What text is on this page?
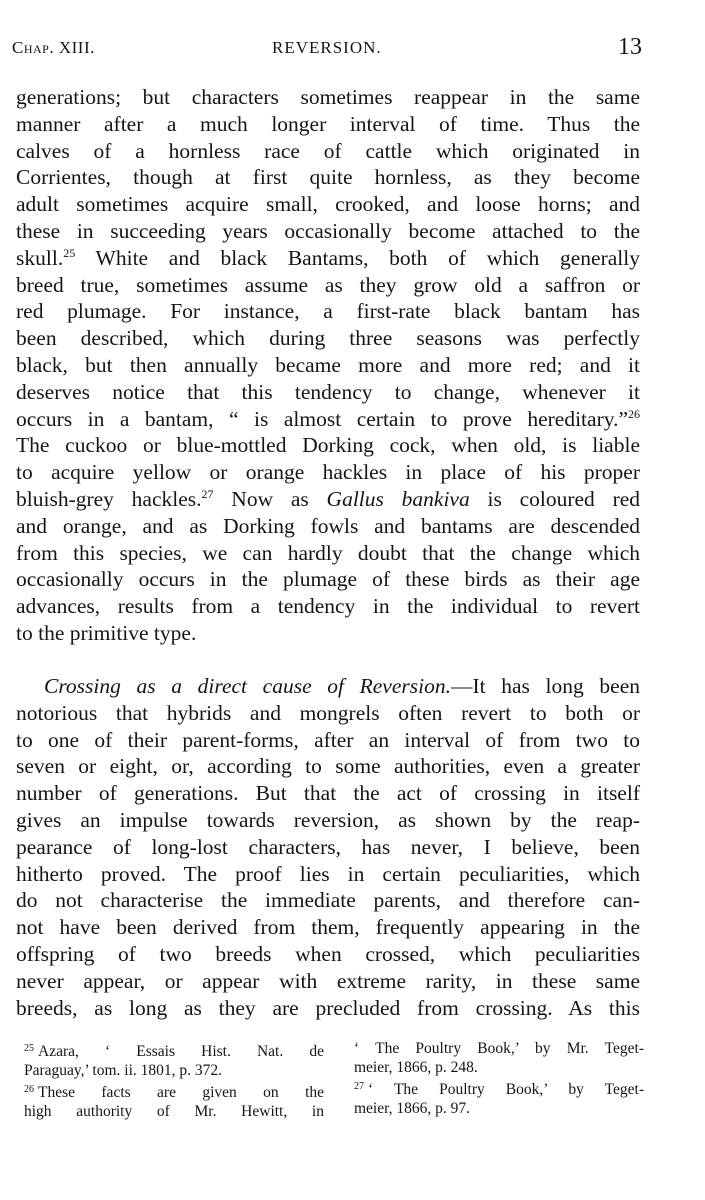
Chap. XIII.	REVERSION.	13
generations; but characters sometimes reappear in the same
manner after a much longer interval of time. Thus the
calves of a hornless race of cattle which originated in
Corrientes, though at first quite hornless, as they become
adult sometimes acquire small, crooked, and loose horns; and
these in succeeding years occasionally become attached to the
skull.$^{25}$ White and black Bantams, both of which generally
breed true, sometimes assume as they grow old a saffron or
red plumage. For instance, a first-rate black bantam has
been described, which during three seasons was perfectly
black, but then annually became more and more red; and it
deserves notice that this tendency to change, whenever it
occurs in a bantam, “ is almost certain to prove hereditary.”$^{26}$
The cuckoo or blue-mottled Dorking cock, when old, is liable
to acquire yellow or orange hackles in place of his proper
bluish-grey hackles.$^{27}$ Now as Gallus bankiva is coloured red
and orange, and as Dorking fowls and bantams are descended
from this species, we can hardly doubt that the change which
occasionally occurs in the plumage of these birds as their age
advances, results from a tendency in the individual to revert
to the primitive type.
Crossing as a direct cause of Reversion.—It has long been
notorious that hybrids and mongrels often revert to both or
to one of their parent-forms, after an interval of from two to
seven or eight, or, according to some authorities, even a greater
number of generations. But that the act of crossing in itself
gives an impulse towards reversion, as shown by the reap-
pearance of long-lost characters, has never, I believe, been
hitherto proved. The proof lies in certain peculiarities, which
do not characterise the immediate parents, and therefore can-
not have been derived from them, frequently appearing in the
offspring of two breeds when crossed, which peculiarities
never appear, or appear with extreme rarity, in these same
breeds, as long as they are precluded from crossing. As this
$^{25}$ Azara, ‘ Essais Hist. Nat. de
Paraguay,’ tom. ii. 1801, p. 372.
$^{26}$ These facts are given on the
high authority of Mr. Hewitt, in
‘ The Poultry Book,’ by Mr. Teget-
meier, 1866, p. 248.
$^{27}$ ‘ The Poultry Book,’ by Teget-
meier, 1866, p. 97.
